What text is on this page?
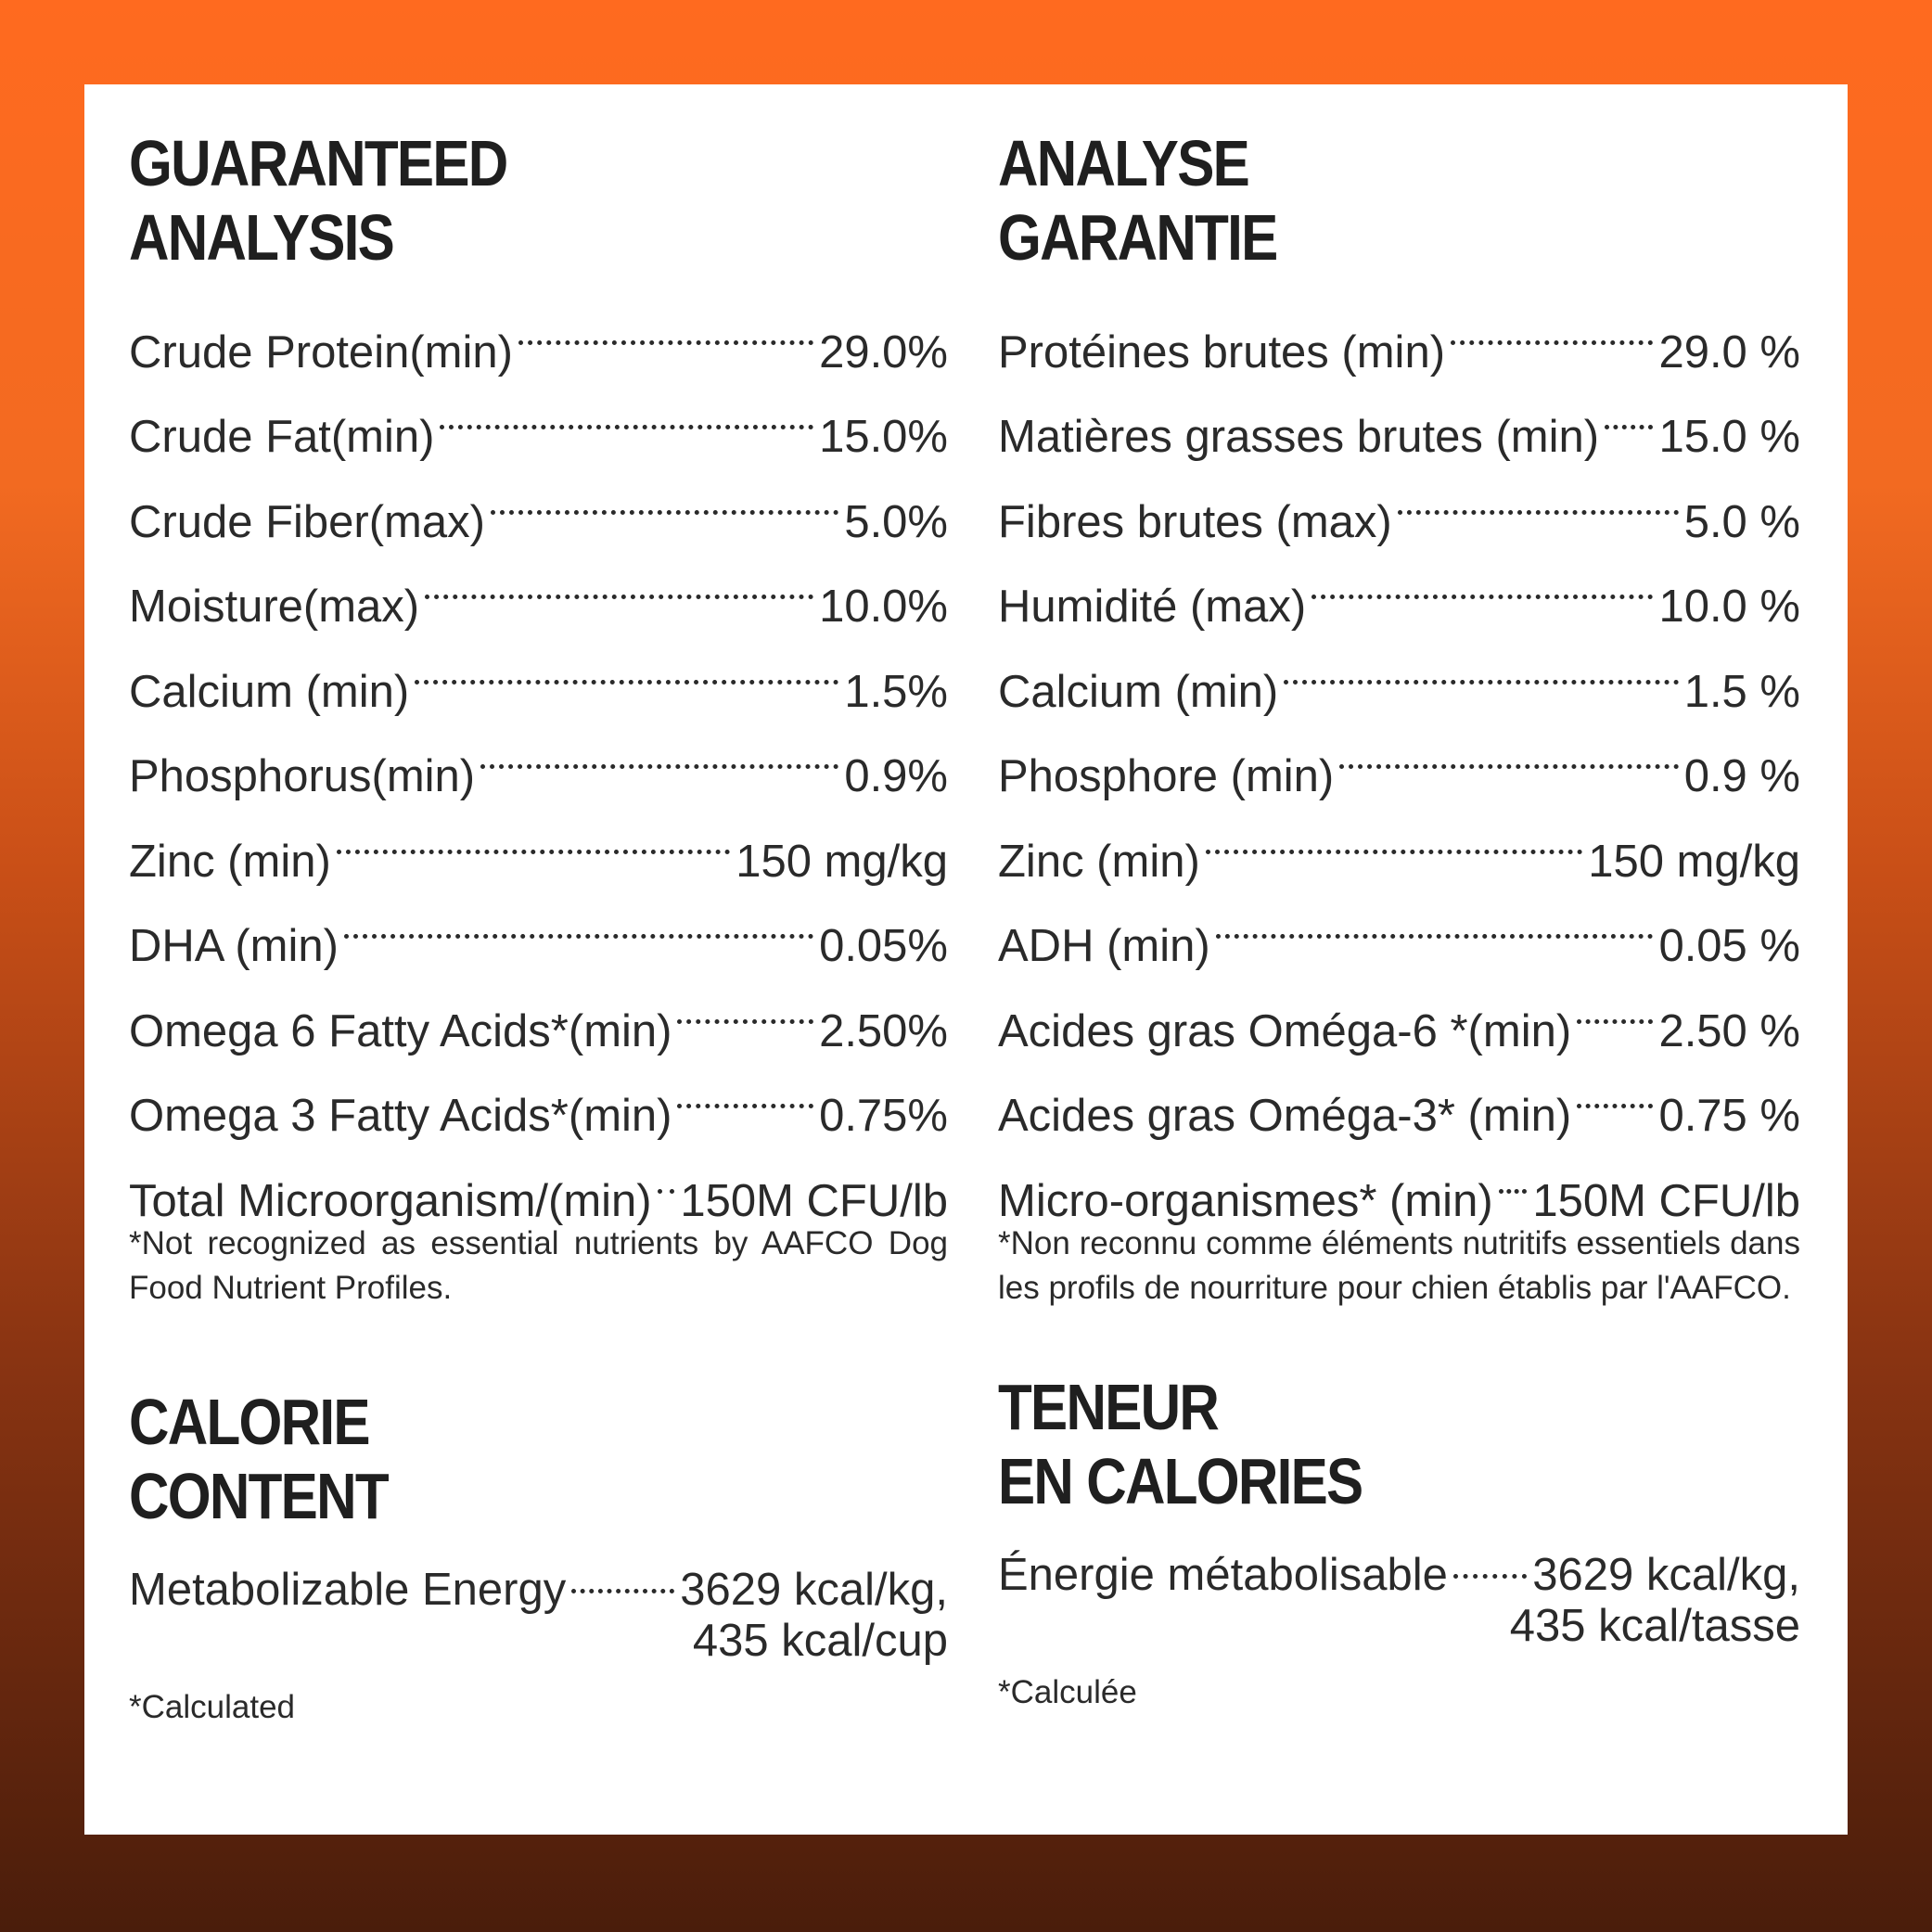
GUARANTEED
ANALYSIS
Crude Protein(min)	29.0%
Crude Fat(min)	15.0%
Crude Fiber(max)	5.0%
Moisture(max)	10.0%
Calcium (min)	1.5%
Phosphorus(min)	0.9%
Zinc (min)	150 mg/kg
DHA (min)	0.05%
Omega 6 Fatty Acids*(min)	2.50%
Omega 3 Fatty Acids*(min)	0.75%
Total Microorganism/(min) 150M CFU/lb
*Not recognized as essential nutrients by AAFCO Dog Food Nutrient Profiles.
ANALYSE
GARANTIE
Protéines brutes (min)	29.0 %
Matières grasses brutes (min) 15.0 %
Fibres brutes (max)	5.0 %
Humidité (max)	10.0 %
Calcium (min)	1.5 %
Phosphore (min)	0.9 %
Zinc (min)	150 mg/kg
ADH (min)	0.05 %
Acides gras Oméga-6 *(min) 2.50 %
Acides gras Oméga-3* (min) 0.75 %
Micro-organismes* (min) 150M CFU/lb
*Non reconnu comme éléments nutritifs essentiels dans les profils de nourriture pour chien établis par l'AAFCO.
CALORIE
CONTENT
Metabolizable Energy	3629 kcal/kg,
435 kcal/cup
*Calculated
TENEUR
EN CALORIES
Énergie métabolisable 3629 kcal/kg,
435 kcal/tasse
*Calculée
